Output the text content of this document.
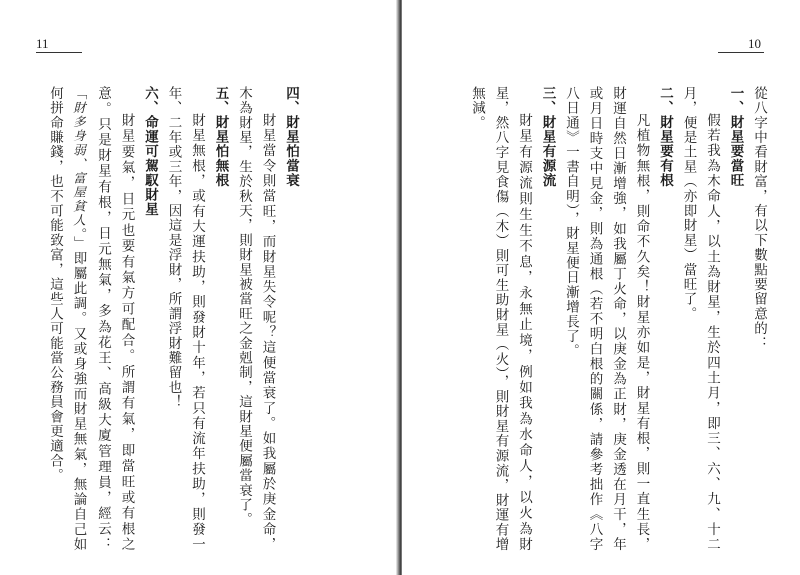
11
四、財星怕當衰

財星當令則當旺，而財星失令呢？這便當衰了。如我屬於庚金命，木為財星，生於秋天，則財星被當旺之金剋制，這財星便屬當衰了。

五、財星怕無根

財星無根，或有大運扶助，則發財十年，若只有流年扶助，則發一年、二年或三年，因這是浮財，所謂浮財難留也！

六、命運可駕馭財星

財星要氣，日元也要有氣方可配合。所謂有氣，即當旺或有根之意。只是財星有根，日元無氣，多為花王、高級大廈管理員，經云：「財多身弱、富屋貧人。」即屬此調。又或身強而財星無氣，無論自己如何拼命賺錢，也不可能致富，這些人可能當公務員會更適合。

10

從八字中看財富，有以下數點要留意的：

一、財星要當旺

假若我為木命人，以土為財星，生於四土月，即三、六、九、十二月，便是土星（亦即財星）當旺了。

二、財星要有根

凡植物無根，則命不久矣！財星亦如是，財星有根，則一直生長，財運自然日漸增強，如我屬丁火命，以庚金為正財，庚金透在月干，年或月日時支中見金，則為通根（若不明白根的關係，請參考拙作《八字八日通》一書自明），財星便日漸增長了。

三、財星有源流

財星有源流則生生不息，永無止境，例如我為水命人，以火為財星，然八字見食傷（木）則可生助財星（火），則財星有源流，財運有增無減。
